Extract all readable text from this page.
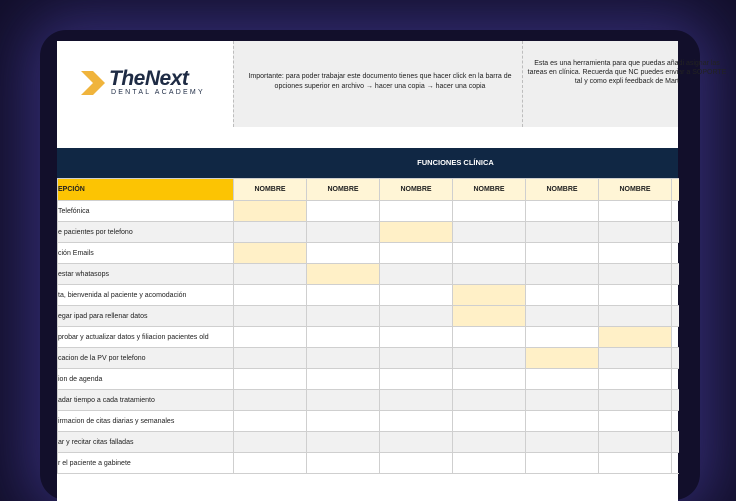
TheNext
DENTAL ACADEMY
Importante: para poder trabajar este documento tienes que hacer click en la barra de opciones superior en archivo → hacer una copia → hacer una copia
Esta es una herramienta para que puedas añadi asignar las tareas en clínica. Recuerda que NC puedes enviar a SOPORTE tal y como expli feedback de Mart
FUNCIONES CLÍNICA
EPCIÓN	NOMBRE	NOMBRE	NOMBRE	NOMBRE	NOMBRE	NOMBRE	
Telefónica							
e pacientes por telefono							
ción Emails							
estar whatasops							
ta, bienvenida al paciente y acomodación							
egar ipad para rellenar datos							
probar y actualizar datos y filiacion pacientes old							
cacion de la PV por telefono							
ion de agenda							
adar tiempo a cada tratamiento							
irmacion de citas diarias y semanales							
ar y recitar citas falladas							
r el paciente a gabinete							
